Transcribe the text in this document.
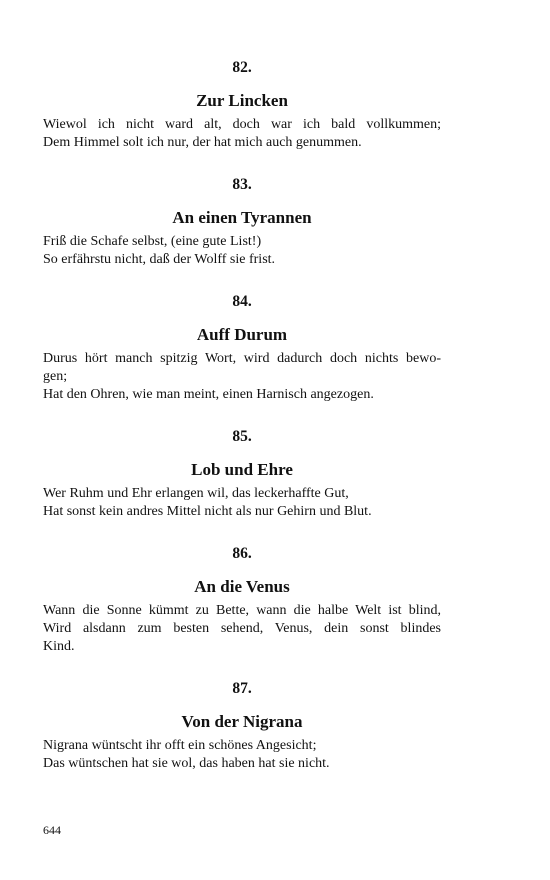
82.

Zur Lincken

Wiewol ich nicht ward alt, doch war ich bald vollkummen;
Dem Himmel solt ich nur, der hat mich auch genummen.

83.

An einen Tyrannen

Friß die Schafe selbst, (eine gute List!)
So erfährstu nicht, daß der Wolff sie frist.

84.

Auff Durum

Durus hört manch spitzig Wort, wird dadurch doch nichts bewo-
gen;
Hat den Ohren, wie man meint, einen Harnisch angezogen.

85.

Lob und Ehre

Wer Ruhm und Ehr erlangen wil, das leckerhaffte Gut,
Hat sonst kein andres Mittel nicht als nur Gehirn und Blut.

86.

An die Venus

Wann die Sonne kümmt zu Bette, wann die halbe Welt ist blind,
Wird alsdann zum besten sehend, Venus, dein sonst blindes
Kind.

87.

Von der Nigrana

Nigrana wüntscht ihr offt ein schönes Angesicht;
Das wüntschen hat sie wol, das haben hat sie nicht.

644
